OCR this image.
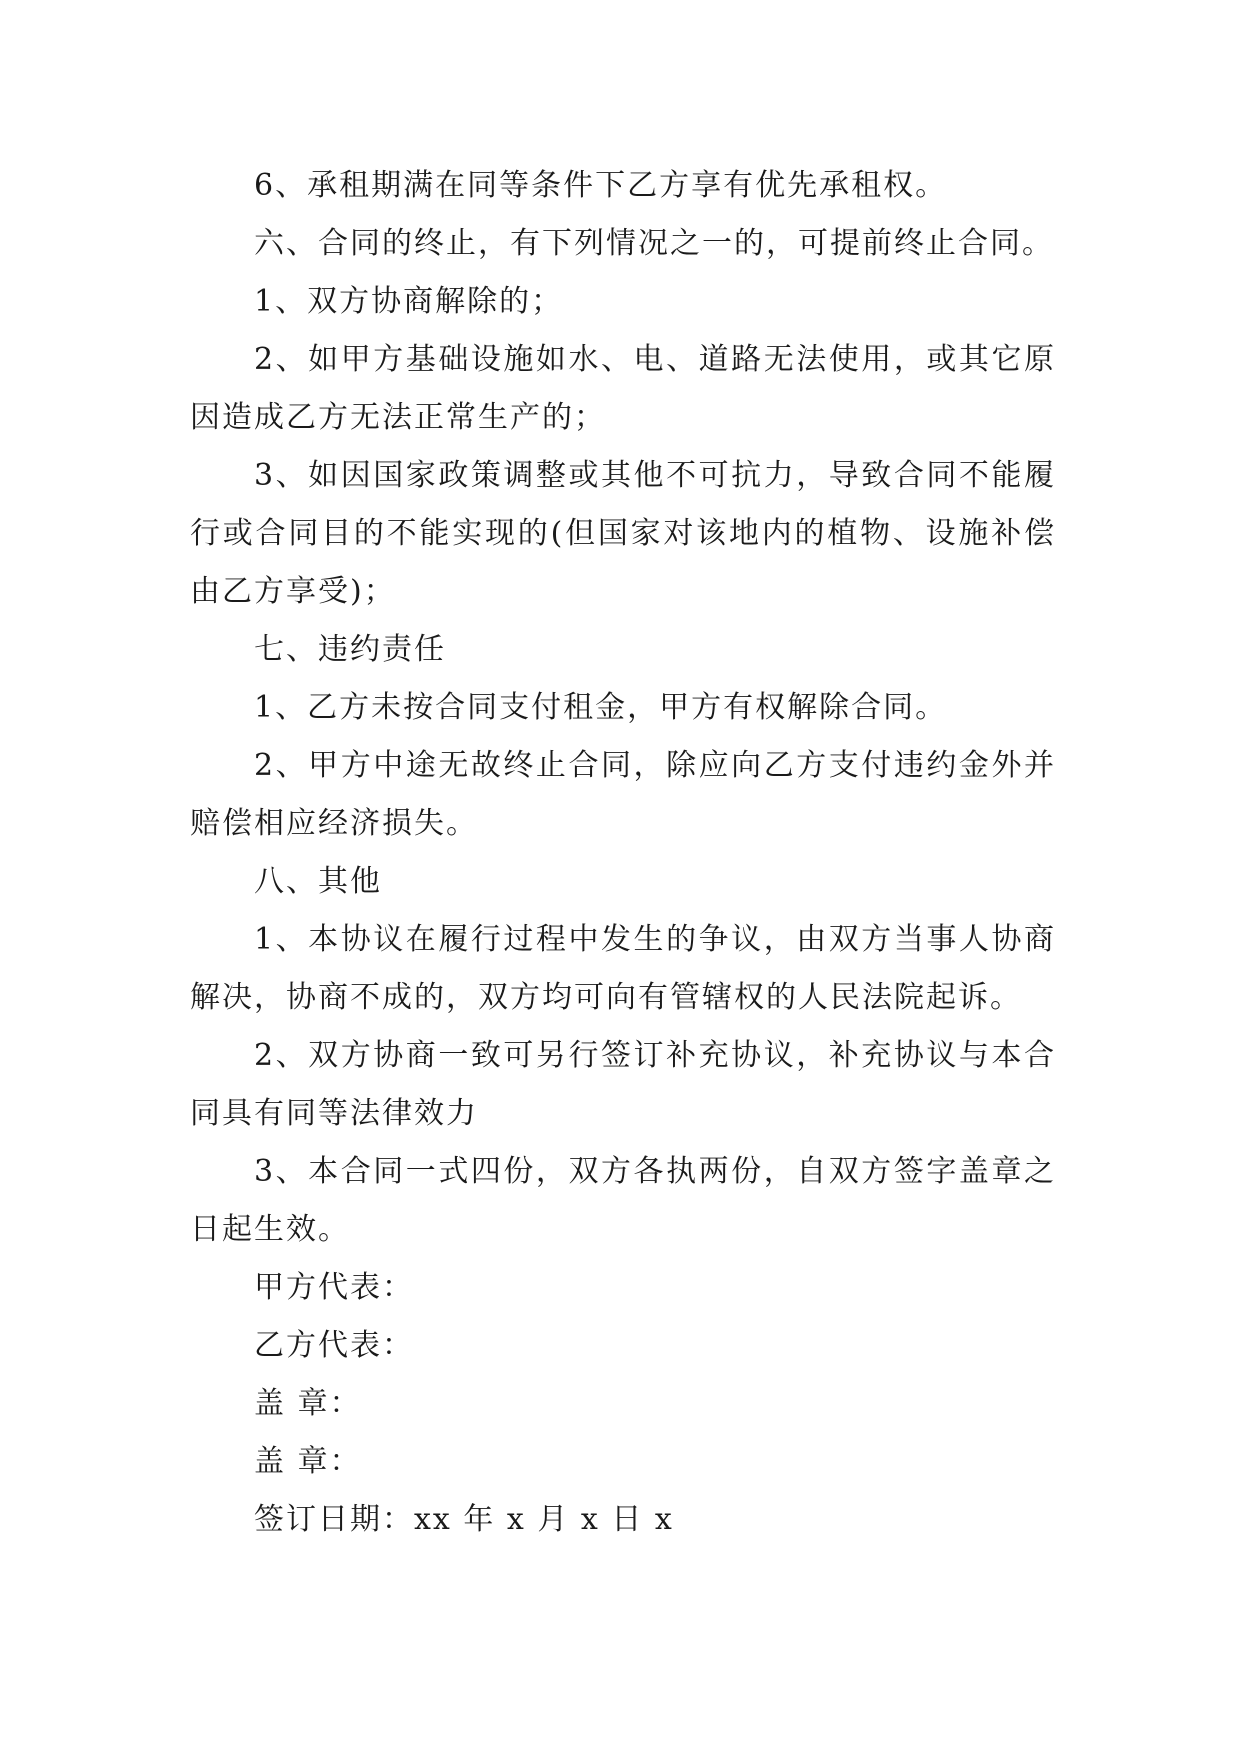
6、承租期满在同等条件下乙方享有优先承租权。

六、合同的终止，有下列情况之一的，可提前终止合同。

1、双方协商解除的；

2、如甲方基础设施如水、电、道路无法使用，或其它原因造成乙方无法正常生产的；

3、如因国家政策调整或其他不可抗力，导致合同不能履行或合同目的不能实现的(但国家对该地内的植物、设施补偿由乙方享受)；

七、违约责任

1、乙方未按合同支付租金，甲方有权解除合同。

2、甲方中途无故终止合同，除应向乙方支付违约金外并赔偿相应经济损失。

八、其他

1、本协议在履行过程中发生的争议，由双方当事人协商解决，协商不成的，双方均可向有管辖权的人民法院起诉。

2、双方协商一致可另行签订补充协议，补充协议与本合同具有同等法律效力

3、本合同一式四份，双方各执两份，自双方签字盖章之日起生效。

甲方代表：

乙方代表：

盖 章：

盖 章：

签订日期：xx 年 x 月 x 日 x
